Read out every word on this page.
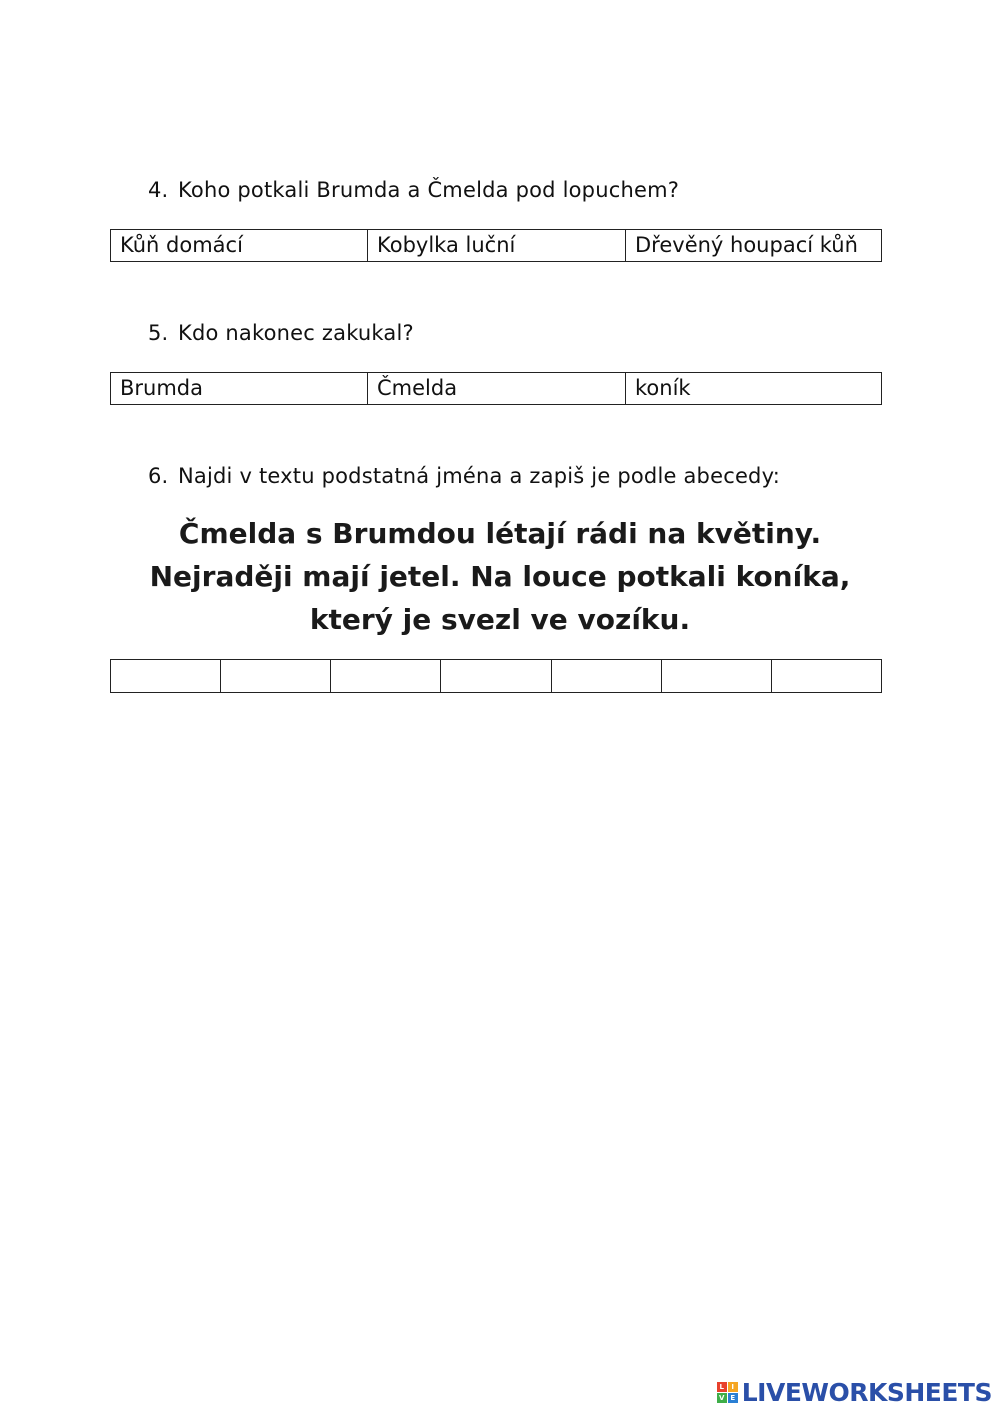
4. Koho potkali Brumda a Čmelda pod lopuchem?
Kůň domácí	Kobylka luční	Dřevěný houpací kůň
5. Kdo nakonec zakukal?
Brumda	Čmelda	koník
6. Najdi v textu podstatná jména a zapiš je podle abecedy:
Čmelda s Brumdou létají rádi na květiny. Nejraději mají jetel. Na louce potkali koníka, který je svezl ve vozíku.
L	I
V E LIVEWORKSHEETS
